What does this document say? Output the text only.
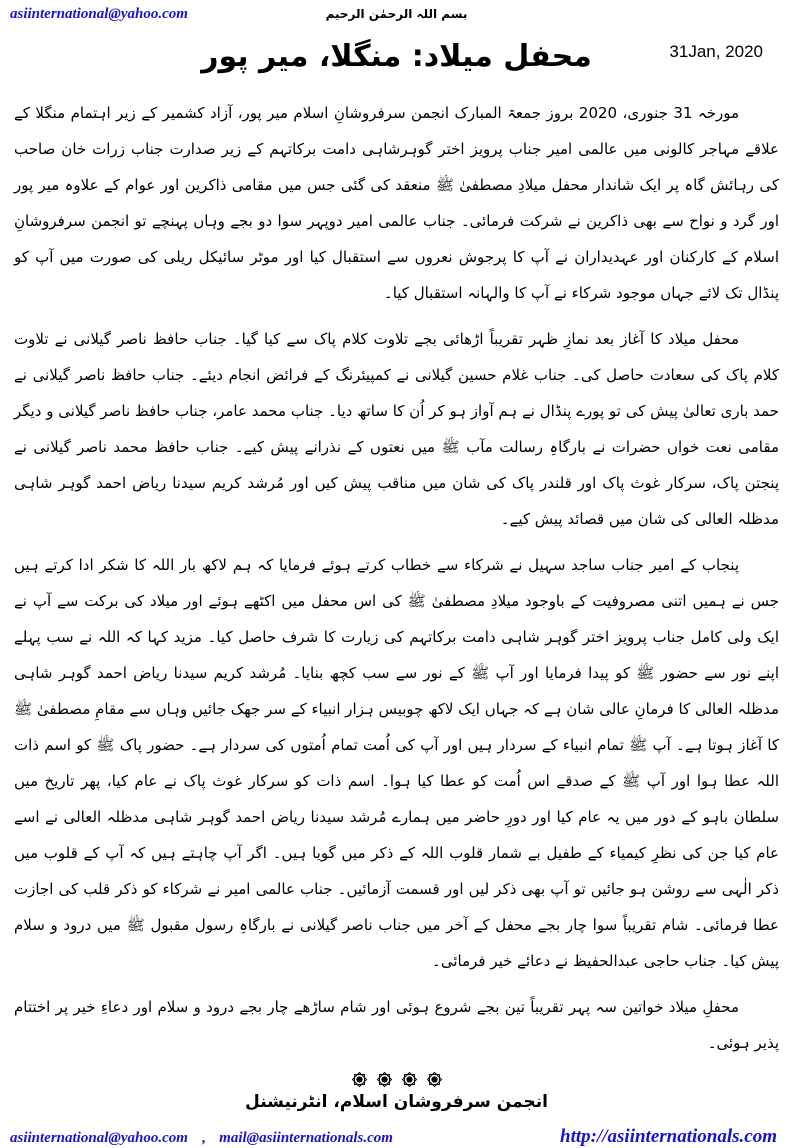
asiinternational@yahoo.com	بسم اللہ الرحمٰن الرحیم
31Jan, 2020
محفل میلاد: منگلا، میر پور

مورخہ 31 جنوری، 2020 بروز جمعۃ المبارک انجمن سرفروشانِ اسلام میر پور، آزاد کشمیر کے زیر اہتمام منگلا کے علاقے مہاجر کالونی میں عالمی امیر جناب پرویز اختر گوہرشاہی دامت برکاتہم کے زیر صدارت جناب زرات خان صاحب کی رہائش گاہ پر ایک شاندار محفل میلادِ مصطفیٰ ﷺ منعقد کی گئی جس میں مقامی ذاکرین اور عوام کے علاوہ میر پور اور گرد و نواح سے بھی ذاکرین نے شرکت فرمائی۔ جناب عالمی امیر دوپہر سوا دو بجے وہاں پہنچے تو انجمن سرفروشانِ اسلام کے کارکنان اور عہدیداران نے آپ کا پرجوش نعروں سے استقبال کیا اور موٹر سائیکل ریلی کی صورت میں آپ کو پنڈال تک لائے جہاں موجود شرکاء نے آپ کا والہانہ استقبال کیا۔

محفل میلاد کا آغاز بعد نمازِ ظہر تقریباً اڑھائی بجے تلاوت کلام پاک سے کیا گیا۔ جناب حافظ ناصر گیلانی نے تلاوت کلام پاک کی سعادت حاصل کی۔ جناب غلام حسین گیلانی نے کمپیئرنگ کے فرائض انجام دیئے۔ جناب حافظ ناصر گیلانی نے حمد باری تعالیٰ پیش کی تو پورے پنڈال نے ہم آواز ہو کر اُن کا ساتھ دیا۔ جناب محمد عامر، جناب حافظ ناصر گیلانی و دیگر مقامی نعت خواں حضرات نے بارگاہِ رسالت مآب ﷺ میں نعتوں کے نذرانے پیش کیے۔ جناب حافظ محمد ناصر گیلانی نے پنجتن پاک، سرکار غوث پاک اور قلندر پاک کی شان میں مناقب پیش کیں اور مُرشد کریم سیدنا ریاض احمد گوہر شاہی مدظلہ العالی کی شان میں قصائد پیش کیے۔

پنجاب کے امیر جناب ساجد سہیل نے شرکاء سے خطاب کرتے ہوئے فرمایا کہ ہم لاکھ بار اللہ کا شکر ادا کرتے ہیں جس نے ہمیں اتنی مصروفیت کے باوجود میلادِ مصطفیٰ ﷺ کی اس محفل میں اکٹھے ہوئے اور میلاد کی برکت سے آپ نے ایک ولی کامل جناب پرویز اختر گوہر شاہی دامت برکاتہم کی زیارت کا شرف حاصل کیا۔ مزید کہا کہ اللہ نے سب پہلے اپنے نور سے حضور ﷺ کو پیدا فرمایا اور آپ ﷺ کے نور سے سب کچھ بنایا۔ مُرشد کریم سیدنا ریاض احمد گوہر شاہی مدظلہ العالی کا فرمانِ عالی شان ہے کہ جہاں ایک لاکھ چوبیس ہزار انبیاء کے سر جھک جائیں وہاں سے مقامِ مصطفیٰ ﷺ کا آغاز ہوتا ہے۔ آپ ﷺ تمام انبیاء کے سردار ہیں اور آپ کی اُمت تمام اُمتوں کی سردار ہے۔ حضور پاک ﷺ کو اسم ذات اللہ عطا ہوا اور آپ ﷺ کے صدقے اس اُمت کو عطا کیا ہوا۔ اسم ذات کو سرکار غوث پاک نے عام کیا، پھر تاریخ میں سلطان باہو کے دور میں یہ عام کیا اور دورِ حاضر میں ہمارے مُرشد سیدنا ریاض احمد گوہر شاہی مدظلہ العالی نے اسے عام کیا جن کی نظرِ کیمیاء کے طفیل بے شمار قلوب اللہ کے ذکر میں گویا ہیں۔ اگر آپ چاہتے ہیں کہ آپ کے قلوب میں ذکر الٰہی سے روشن ہو جائیں تو آپ بھی ذکر لیں اور قسمت آزمائیں۔ جناب عالمی امیر نے شرکاء کو ذکر قلب کی اجازت عطا فرمائی۔ شام تقریباً سوا چار بجے محفل کے آخر میں جناب ناصر گیلانی نے بارگاہِ رسول مقبول ﷺ میں درود و سلام پیش کیا۔ جناب حاجی عبدالحفیظ نے دعائے خیر فرمائی۔

محفلِ میلاد خواتین سہ پہر تقریباً تین بجے شروع ہوئی اور شام ساڑھے چار بجے درود و سلام اور دعاءِ خیر پر اختتام پذیر ہوئی۔

انجمن سرفروشان اسلام، انٹرنیشنل
asiinternational@yahoo.com , mail@asiinternationals.com	http://asiinternationals.com
